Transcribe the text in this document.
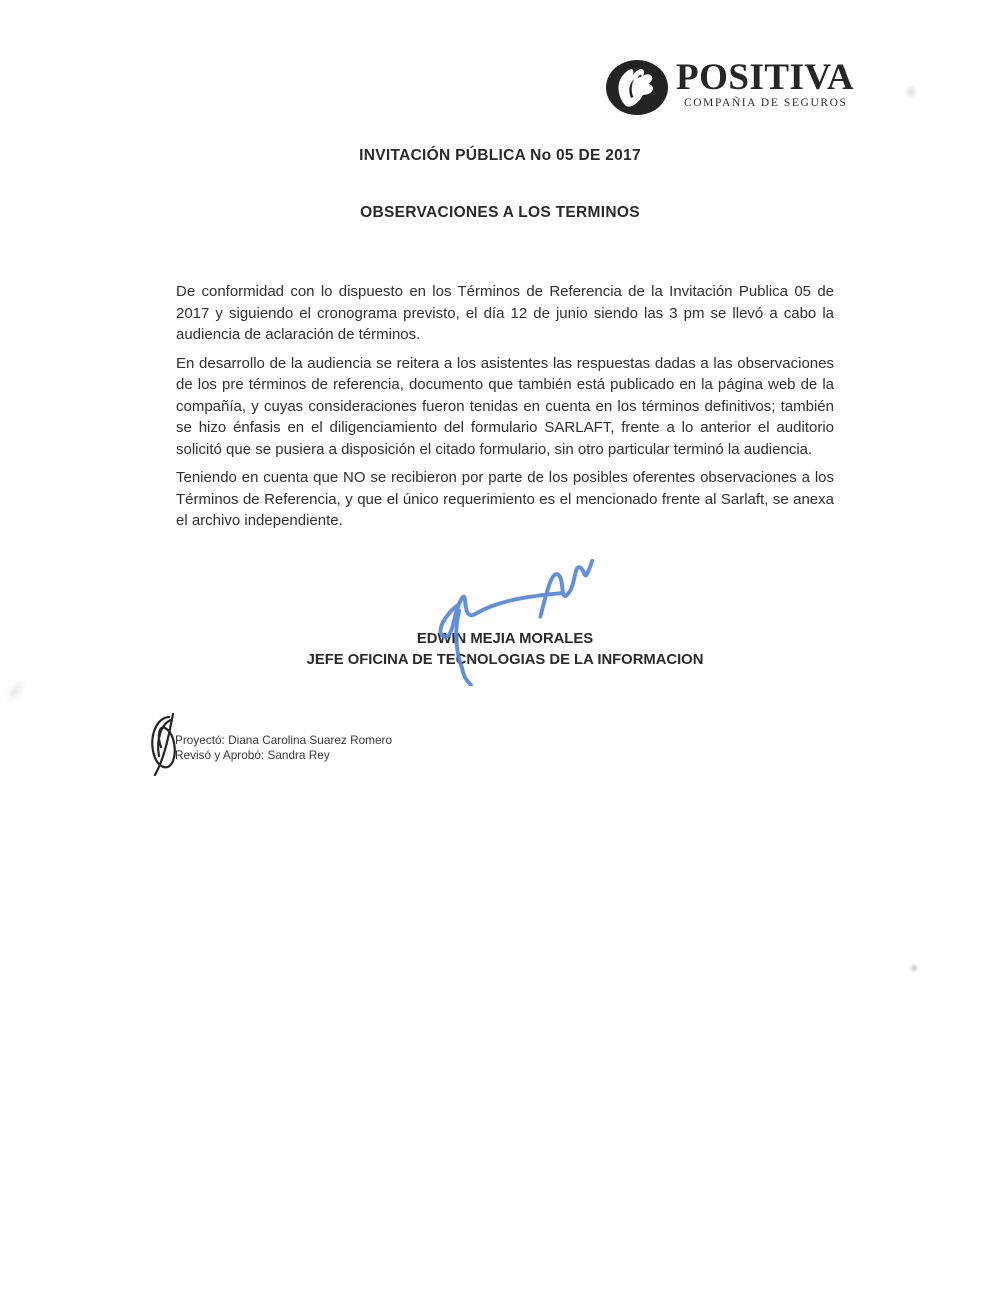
POSITIVA
COMPAÑIA DE SEGUROS
INVITACIÓN PÚBLICA No 05 DE 2017
OBSERVACIONES A LOS TERMINOS

De conformidad con lo dispuesto en los Términos de Referencia de la Invitación Publica 05 de 2017 y siguiendo el cronograma previsto, el día 12 de junio siendo las 3 pm se llevó a cabo la audiencia de aclaración de términos.

En desarrollo de la audiencia se reitera a los asistentes las respuestas dadas a las observaciones de los pre términos de referencia, documento que también está publicado en la página web de la compañía, y cuyas consideraciones fueron tenidas en cuenta en los términos definitivos; también se hizo énfasis en el diligenciamiento del formulario SARLAFT, frente a lo anterior el auditorio solicitó que se pusiera a disposición el citado formulario, sin otro particular terminó la audiencia.

Teniendo en cuenta que NO se recibieron por parte de los posibles oferentes observaciones a los Términos de Referencia, y que el único requerimiento es el mencionado frente al Sarlaft, se anexa el archivo independiente.

EDWIN MEJIA MORALES
JEFE OFICINA DE TECNOLOGIAS DE LA INFORMACION
Proyectó: Diana Carolina Suarez Romero
Revisó y Aprobó: Sandra Rey
